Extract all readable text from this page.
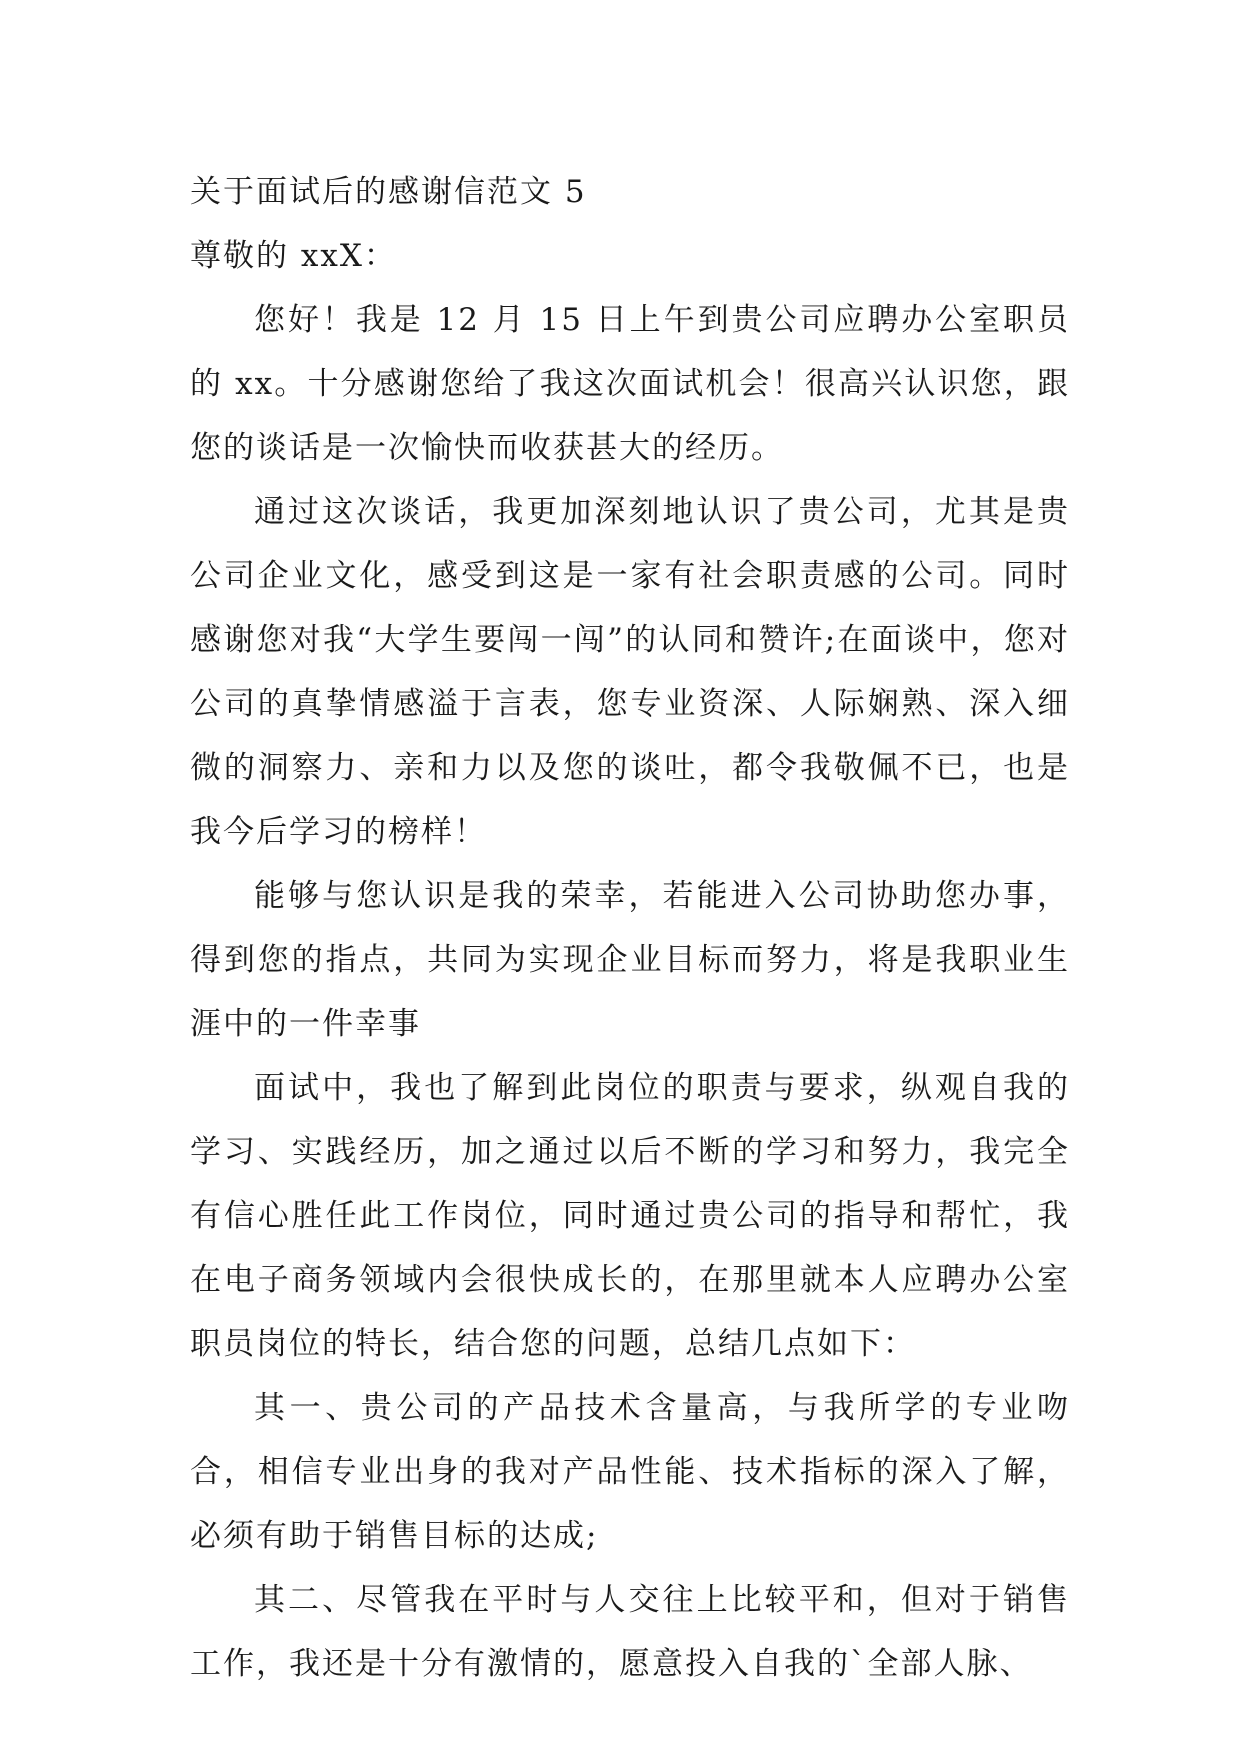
关于面试后的感谢信范文 5
尊敬的 xxX：

您好！我是 12 月 15 日上午到贵公司应聘办公室职员的 xx。十分感谢您给了我这次面试机会！很高兴认识您，跟您的谈话是一次愉快而收获甚大的经历。

通过这次谈话，我更加深刻地认识了贵公司，尤其是贵公司企业文化，感受到这是一家有社会职责感的公司。同时感谢您对我“大学生要闯一闯”的认同和赞许;在面谈中，您对公司的真挚情感溢于言表，您专业资深、人际娴熟、深入细微的洞察力、亲和力以及您的谈吐，都令我敬佩不已，也是我今后学习的榜样！

能够与您认识是我的荣幸，若能进入公司协助您办事，得到您的指点，共同为实现企业目标而努力，将是我职业生涯中的一件幸事

面试中，我也了解到此岗位的职责与要求，纵观自我的学习、实践经历，加之通过以后不断的学习和努力，我完全有信心胜任此工作岗位，同时通过贵公司的指导和帮忙，我在电子商务领域内会很快成长的，在那里就本人应聘办公室职员岗位的特长，结合您的问题，总结几点如下：

其一、贵公司的产品技术含量高，与我所学的专业吻合，相信专业出身的我对产品性能、技术指标的深入了解，必须有助于销售目标的达成;

其二、尽管我在平时与人交往上比较平和，但对于销售工作，我还是十分有激情的，愿意投入自我的`全部人脉、
